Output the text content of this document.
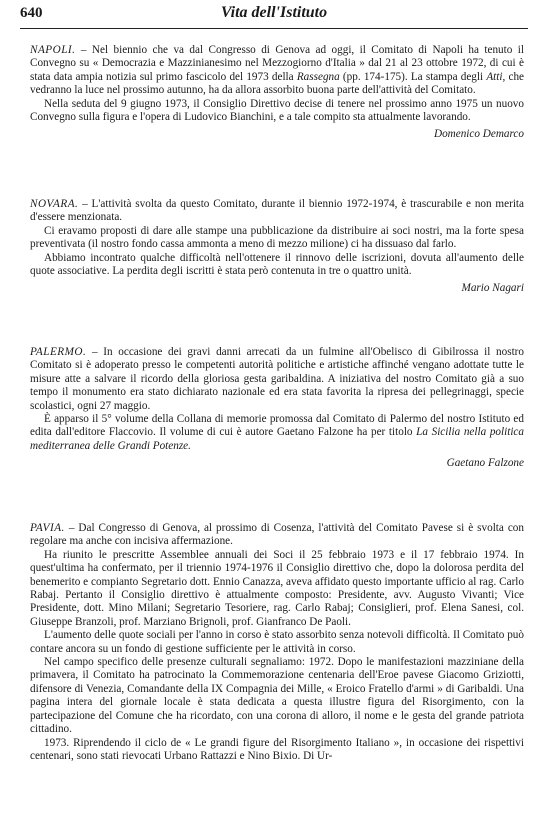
640	Vita dell'Istituto

NAPOLI. – Nel biennio che va dal Congresso di Genova ad oggi, il Comitato di Napoli ha tenuto il Convegno su « Democrazia e Mazzinianesimo nel Mezzogiorno d'Italia » dal 21 al 23 ottobre 1972, di cui è stata data ampia notizia sul primo fascicolo del 1973 della Rassegna (pp. 174-175). La stampa degli Atti, che vedranno la luce nel prossimo autunno, ha da allora assorbito buona parte dell'attività del Comitato.

Nella seduta del 9 giugno 1973, il Consiglio Direttivo decise di tenere nel prossimo anno 1975 un nuovo Convegno sulla figura e l'opera di Ludovico Bianchini, e a tale compito sta attualmente lavorando.

Domenico Demarco

NOVARA. – L'attività svolta da questo Comitato, durante il biennio 1972-1974, è trascurabile e non merita d'essere menzionata.

Ci eravamo proposti di dare alle stampe una pubblicazione da distribuire ai soci nostri, ma la forte spesa preventivata (il nostro fondo cassa ammonta a meno di mezzo milione) ci ha dissuaso dal farlo.

Abbiamo incontrato qualche difficoltà nell'ottenere il rinnovo delle iscrizioni, dovuta all'aumento delle quote associative. La perdita degli iscritti è stata però contenuta in tre o quattro unità.

Mario Nagari

PALERMO. – In occasione dei gravi danni arrecati da un fulmine all'Obelisco di Gibilrossa il nostro Comitato si è adoperato presso le competenti autorità politiche e artistiche affinché vengano adottate tutte le misure atte a salvare il ricordo della gloriosa gesta garibaldina. A iniziativa del nostro Comitato già a suo tempo il monumento era stato dichiarato nazionale ed era stata favorita la ripresa dei pellegrinaggi, specie scolastici, ogni 27 maggio.

È apparso il 5° volume della Collana di memorie promossa dal Comitato di Palermo del nostro Istituto ed edita dall'editore Flaccovio. Il volume di cui è autore Gaetano Falzone ha per titolo La Sicilia nella politica mediterranea delle Grandi Potenze.

Gaetano Falzone

PAVIA. – Dal Congresso di Genova, al prossimo di Cosenza, l'attività del Comitato Pavese si è svolta con regolare ma anche con incisiva affermazione.

Ha riunito le prescritte Assemblee annuali dei Soci il 25 febbraio 1973 e il 17 febbraio 1974. In quest'ultima ha confermato, per il triennio 1974-1976 il Consiglio direttivo che, dopo la dolorosa perdita del benemerito e compianto Segretario dott. Ennio Canazza, aveva affidato questo importante ufficio al rag. Carlo Rabaj. Pertanto il Consiglio direttivo è attualmente composto: Presidente, avv. Augusto Vivanti; Vice Presidente, dott. Mino Milani; Segretario Tesoriere, rag. Carlo Rabaj; Consiglieri, prof. Elena Sanesi, col. Giuseppe Branzoli, prof. Marziano Brignoli, prof. Gianfranco De Paoli.

L'aumento delle quote sociali per l'anno in corso è stato assorbito senza notevoli difficoltà. Il Comitato può contare ancora su un fondo di gestione sufficiente per le attività in corso.

Nel campo specifico delle presenze culturali segnaliamo: 1972. Dopo le manifestazioni mazziniane della primavera, il Comitato ha patrocinato la Commemorazione centenaria dell'Eroe pavese Giacomo Griziotti, difensore di Venezia, Comandante della IX Compagnia dei Mille, « Eroico Fratello d'armi » di Garibaldi. Una pagina intera del giornale locale è stata dedicata a questa illustre figura del Risorgimento, con la partecipazione del Comune che ha ricordato, con una corona di alloro, il nome e le gesta del grande patriota cittadino.

1973. Riprendendo il ciclo de « Le grandi figure del Risorgimento Italiano », in occasione dei rispettivi centenari, sono stati rievocati Urbano Rattazzi e Nino Bixio. Di Ur-
